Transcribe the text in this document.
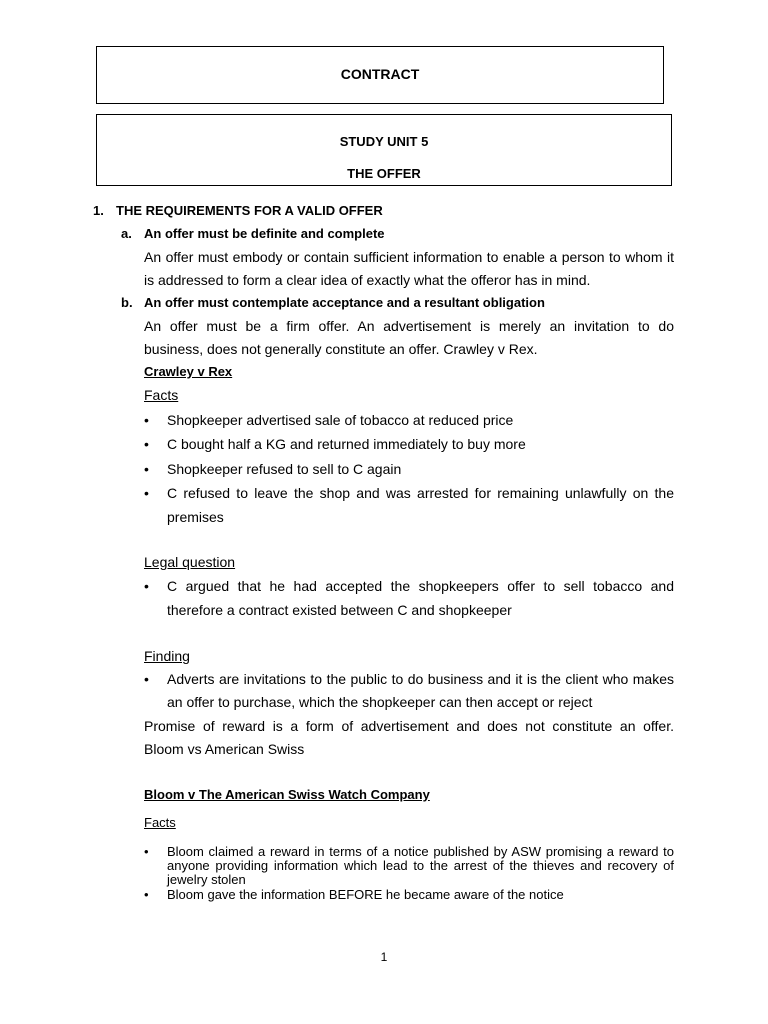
CONTRACT
STUDY UNIT 5
THE OFFER
1. THE REQUIREMENTS FOR A VALID OFFER
a. An offer must be definite and complete
An offer must embody or contain sufficient information to enable a person to whom it
is addressed to form a clear idea of exactly what the offeror has in mind.
b. An offer must contemplate acceptance and a resultant obligation
An offer must be a firm offer. An advertisement is merely an invitation to do
business, does not generally constitute an offer. Crawley v Rex.
Crawley v Rex
Facts
• Shopkeeper advertised sale of tobacco at reduced price
• C bought half a KG and returned immediately to buy more
• Shopkeeper refused to sell to C again
• C refused to leave the shop and was arrested for remaining unlawfully on the
premises
Legal question
• C argued that he had accepted the shopkeepers offer to sell tobacco and
therefore a contract existed between C and shopkeeper
Finding
• Adverts are invitations to the public to do business and it is the client who makes
an offer to purchase, which the shopkeeper can then accept or reject
Promise of reward is a form of advertisement and does not constitute an offer.
Bloom vs American Swiss
Bloom v The American Swiss Watch Company
Facts
• Bloom claimed a reward in terms of a notice published by ASW promising a reward to anyone providing information which lead to the arrest of the thieves and recovery of jewelry stolen
• Bloom gave the information BEFORE he became aware of the notice
1
